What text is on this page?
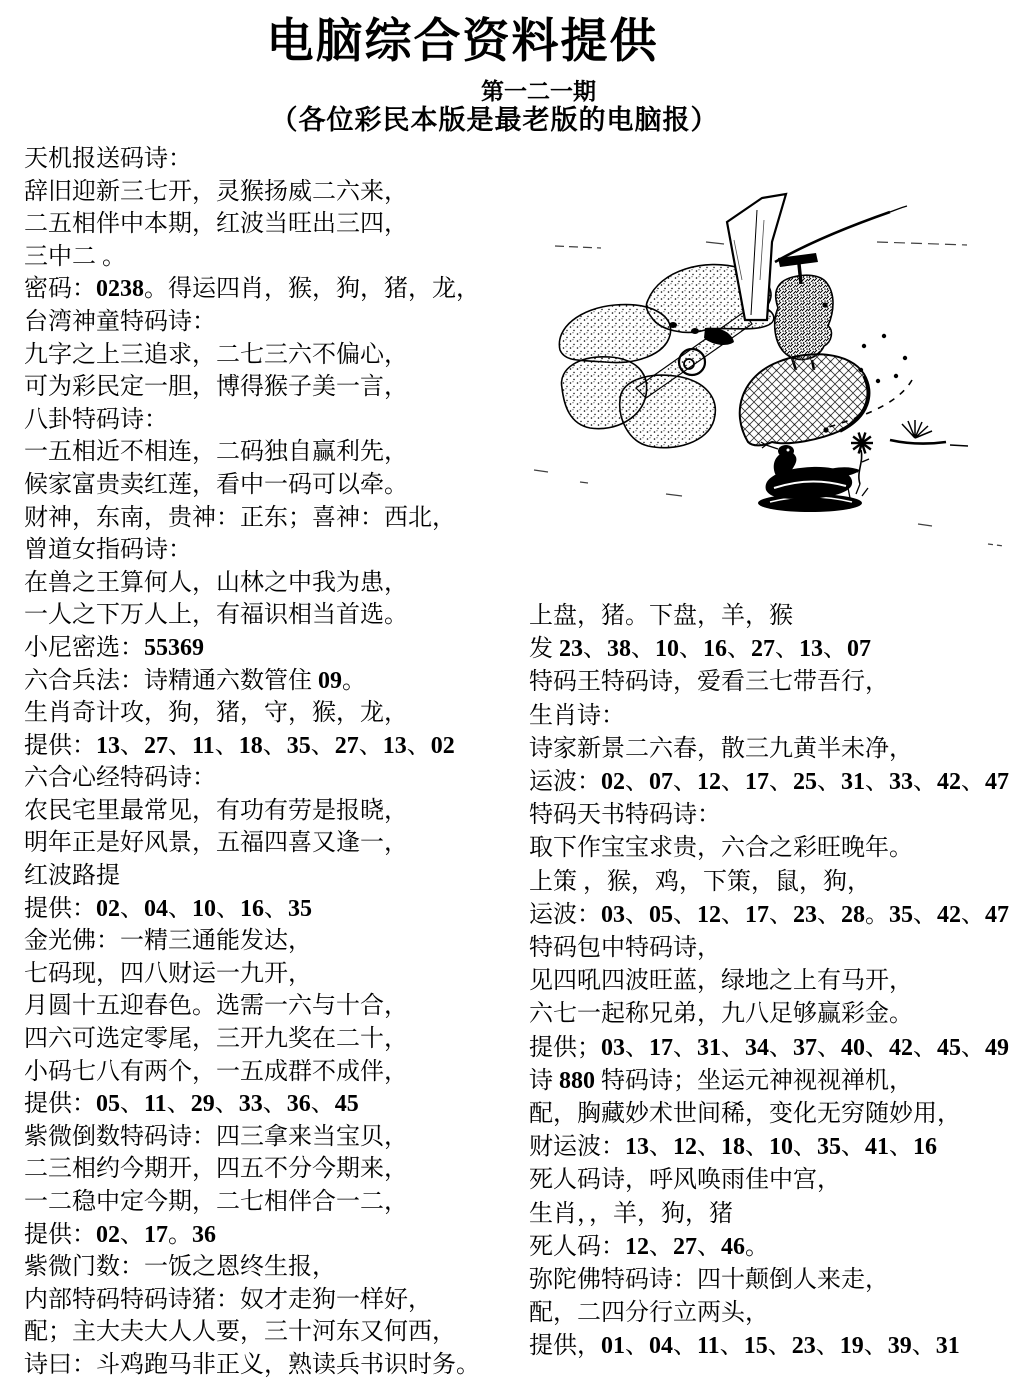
电脑综合资料提供
第一二一期
（各位彩民本版是最老版的电脑报）

天机报送码诗：

辞旧迎新三七开，灵猴扬威二六来，

二五相伴中本期，红波当旺出三四，

三中二 。

密码：0238。得运四肖，猴，狗，猪，龙，

台湾神童特码诗：

九字之上三追求，二七三六不偏心，

可为彩民定一胆，博得猴子美一言，

八卦特码诗：

一五相近不相连，二码独自赢利先，

候家富贵卖红莲，看中一码可以牵。

财神，东南，贵神：正东；喜神：西北，

曾道女指码诗：

在兽之王算何人，山林之中我为患，

一人之下万人上，有福识相当首选。

小尼密选：55369

六合兵法：诗精通六数管住 09。

生肖奇计攻，狗，猪，守，猴，龙，

提供：13、27、11、18、35、27、13、02

六合心经特码诗：

农民宅里最常见，有功有劳是报晓，

明年正是好风景，五福四喜又逢一，

红波路提

提供：02、04、10、16、35

金光佛：一精三通能发达，

七码现，四八财运一九开，

月圆十五迎春色。选需一六与十合，

四六可选定零尾，三开九奖在二十，

小码七八有两个，一五成群不成伴，

提供：05、11、29、33、36、45

紫微倒数特码诗：四三拿来当宝贝，

二三相约今期开，四五不分今期来，

一二稳中定今期，二七相伴合一二，

提供：02、17。36

紫微门数：一饭之恩终生报，

内部特码特码诗猪：奴才走狗一样好，

配；主大夫大人人要，三十河东又何西，

诗曰：斗鸡跑马非正义，熟读兵书识时务。

上盘，猪。下盘，羊，猴

发 23、38、10、16、27、13、07

特码王特码诗，爱看三七带吾行，

生肖诗：

诗家新景二六春，散三九黄半未净，

运波：02、07、12、17、25、31、33、42、47

特码天书特码诗：

取下作宝宝求贵，六合之彩旺晚年。

上策 ，猴，鸡，下策，鼠，狗，

运波：03、05、12、17、23、28。35、42、47

特码包中特码诗，

见四吼四波旺蓝，绿地之上有马开，

六七一起称兄弟，九八足够赢彩金。

提供；03、17、31、34、37、40、42、45、49

诗 880 特码诗；坐运元神视视禅机，

配，胸藏妙术世间稀，变化无穷随妙用，

财运波：13、12、18、10、35、41、16

死人码诗，呼风唤雨佳中宫，

生肖，，羊，狗，猪

死人码：12、27、46。

弥陀佛特码诗：四十颠倒人来走，

配，二四分行立两头，

提供，01、04、11、15、23、19、39、31
